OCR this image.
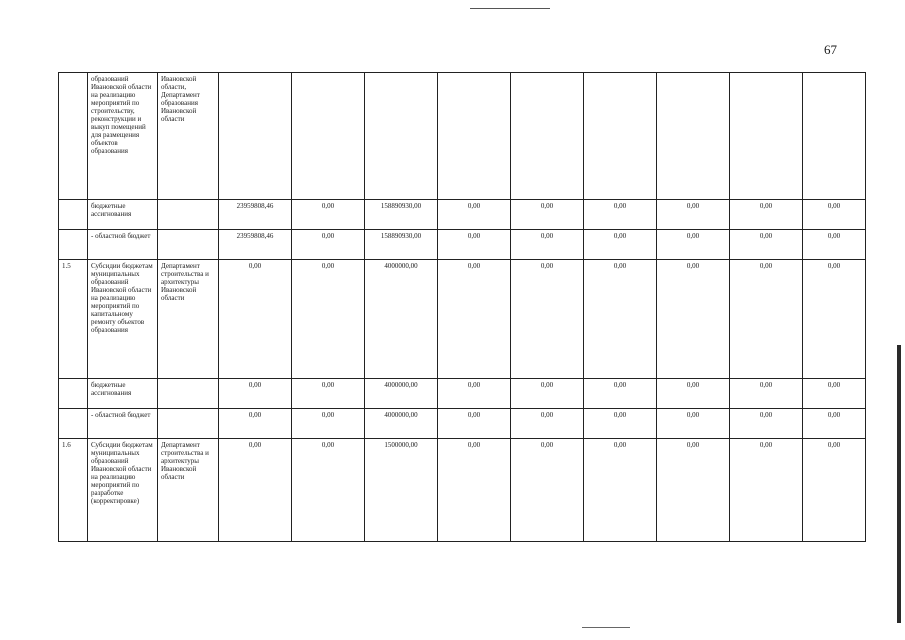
67
	образований Ивановской области на реализацию мероприятий по строительству, реконструкции и выкуп помещений для размещения объектов образования	Ивановской области, Департамент образования Ивановской области									
	бюджетные ассигнования		23959808,46	0,00	158890930,00	0,00	0,00	0,00	0,00	0,00	0,00
	- областной бюджет		23959808,46	0,00	158890930,00	0,00	0,00	0,00	0,00	0,00	0,00
1.5	Субсидии бюджетам муниципальных образований Ивановской области на реализацию мероприятий по капитальному ремонту объектов образования	Департамент строительства и архитектуры Ивановской области	0,00	0,00	4000000,00	0,00	0,00	0,00	0,00	0,00	0,00
	бюджетные ассигнования		0,00	0,00	4000000,00	0,00	0,00	0,00	0,00	0,00	0,00
	- областной бюджет		0,00	0,00	4000000,00	0,00	0,00	0,00	0,00	0,00	0,00
1.6	Субсидии бюджетам муниципальных образований Ивановской области на реализацию мероприятий по разработке (корректировке)	Департамент строительства и архитектуры Ивановской области	0,00	0,00	1500000,00	0,00	0,00	0,00	0,00	0,00	0,00
